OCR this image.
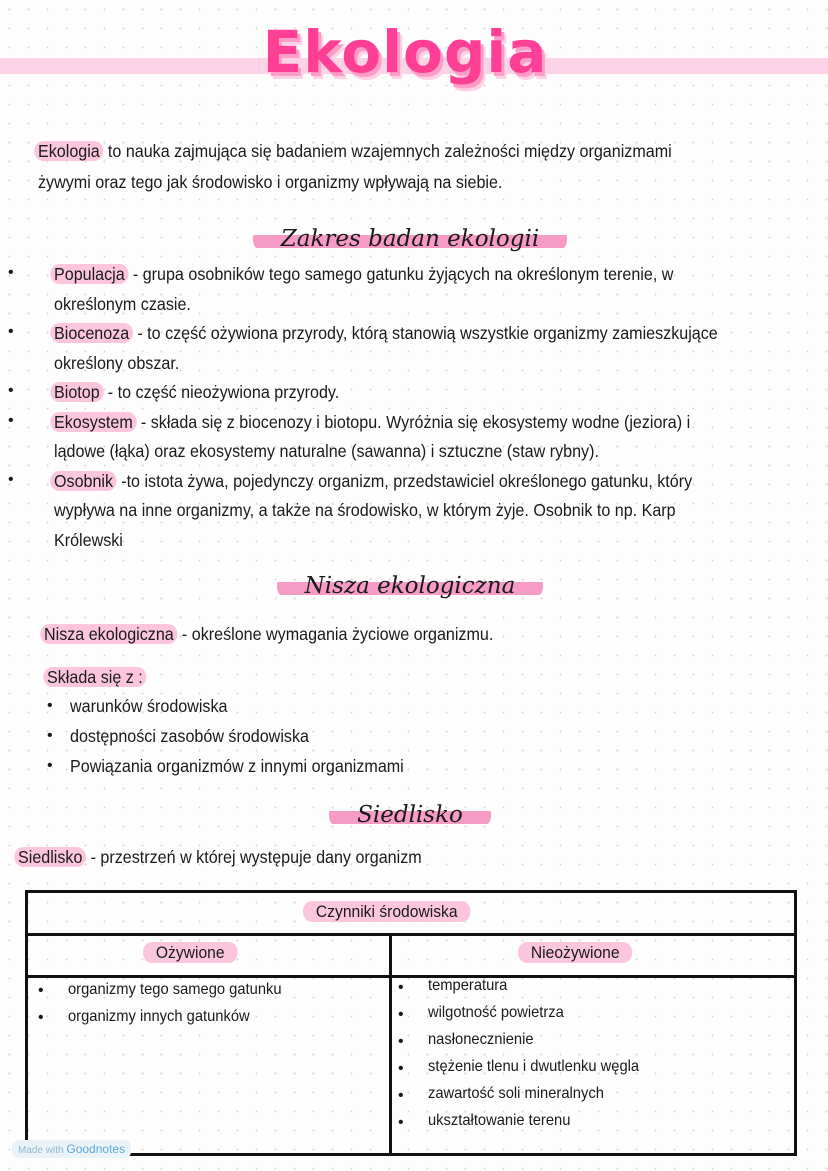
Ekologia
Ekologia to nauka zajmująca się badaniem wzajemnych zależności między organizmami
żywymi oraz tego jak środowisko i organizmy wpływają na siebie.
Zakres badan ekologii
Nisza ekologiczna
Nisza ekologiczna - określone wymagania życiowe organizmu.
Składa się z :
Siedlisko
Siedlisko - przestrzeń w której występuje dany organizm
Czynniki środowiska
Ożywione	Nieożywione
• organizmy tego samego gatunku
• organizmy innych gatunków
• temperatura
• wilgotność powietrza
• nasłonecznienie
• stężenie tlenu i dwutlenku węgla
• zawartość soli mineralnych
• ukształtowanie terenu
Made with Goodnotes
• Populacja - grupa osobników tego samego gatunku żyjących na określonym terenie, w
określonym czasie.
• Biocenoza - to część ożywiona przyrody, którą stanowią wszystkie organizmy zamieszkujące
określony obszar.
• Biotop - to część nieożywiona przyrody.
• Ekosystem - składa się z biocenozy i biotopu. Wyróżnia się ekosystemy wodne (jeziora) i
lądowe (łąka) oraz ekosystemy naturalne (sawanna) i sztuczne (staw rybny).
• Osobnik -to istota żywa, pojedynczy organizm, przedstawiciel określonego gatunku, który
wypływa na inne organizmy, a także na środowisko, w którym żyje. Osobnik to np. Karp
Królewski
• warunków środowiska
• dostępności zasobów środowiska
• Powiązania organizmów z innymi organizmami
